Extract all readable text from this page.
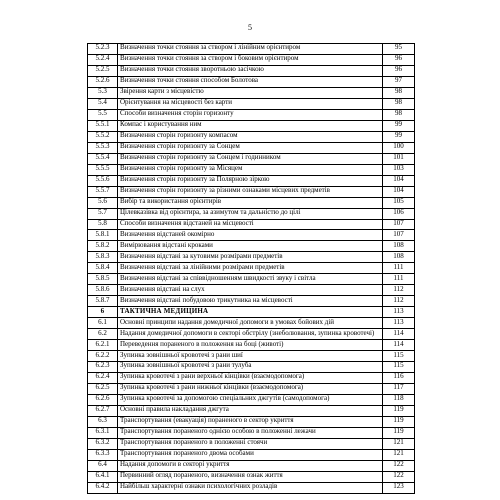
5
5.2.3	Визначення точки стояння за створом і лінійним орієнтиром	95
5.2.4	Визначення точки стояння за створом і боковим орієнтиром	96
5.2.5	Визначення точки стояння зворотньою засічкою	96
5.2.6	Визначення точки стояння способом Болотова	97
5.3	Звірення карти з місцевістю	98
5.4	Орієнтування на місцевості без карти	98
5.5	Способи визначення сторін горизонту	98
5.5.1	Компас і користування ним	99
5.5.2	Визначення сторін горизонту компасом	99
5.5.3	Визначення сторін горизонту за Сонцем	100
5.5.4	Визначення сторін горизонту за Сонцем і годинником	101
5.5.5	Визначення сторін горизонту за Місяцем	103
5.5.6	Визначення сторін горизонту за Полярною зіркою	104
5.5.7	Визначення сторін горизонту за різними ознаками місцевих предметів	104
5.6	Вибір та використання орієнтирів	105
5.7	Цілевказівка від орієнтира, за азимутом та дальністю до цілі	106
5.8	Способи визначення відстаней на місцевості	107
5.8.1	Визначення відстаней окомірно	107
5.8.2	Вимірювання відстані кроками	108
5.8.3	Визначення відстані за кутовими розмірами предметів	108
5.8.4	Визначення відстані за лінійними розмірами предметів	111
5.8.5	Визначення відстані за співвідношенням швидкості звуку і світла	111
5.8.6	Визначення відстані на слух	112
5.8.7	Визначення відстані побудовою трикутника на місцевості	112
6	ТАКТИЧНА МЕДИЦИНА	113
6.1	Основні принципи надання домедичної допомоги в умовах бойових дій	113
6.2	Надання домедичної допомоги в секторі обстрілу (знеболювання, зупинка кровотечі)	114
6.2.1	Переведення пораненого в положення на боці (животі)	114
6.2.2	Зупинка зовнішньої кровотечі з рани шиї	115
6.2.3	Зупинка зовнішньої кровотечі з рани тулуба	115
6.2.4	Зупинка кровотечі з рани верхньої кінцівки (взаємодопомога)	116
6.2.5	Зупинка кровотечі з рани нижньої кінцівки (взаємодопомога)	117
6.2.6	Зупинка кровотечі за допомогою спеціальних джгутів (самодопомога)	118
6.2.7	Основні правила накладання джгута	119
6.3	Транспортування (евакуація) пораненого в сектор укриття	119
6.3.1	Транспортування пораненого однією особою в положенні лежачи	119
6.3.2	Транспортування пораненого в положенні стоячи	121
6.3.3	Транспортування пораненого двома особами	121
6.4	Надання допомоги в секторі укриття	122
6.4.1	Первинний огляд пораненого, визначення ознак життя	122
6.4.2	Найбільш характерні ознаки психологічних розладів	123
